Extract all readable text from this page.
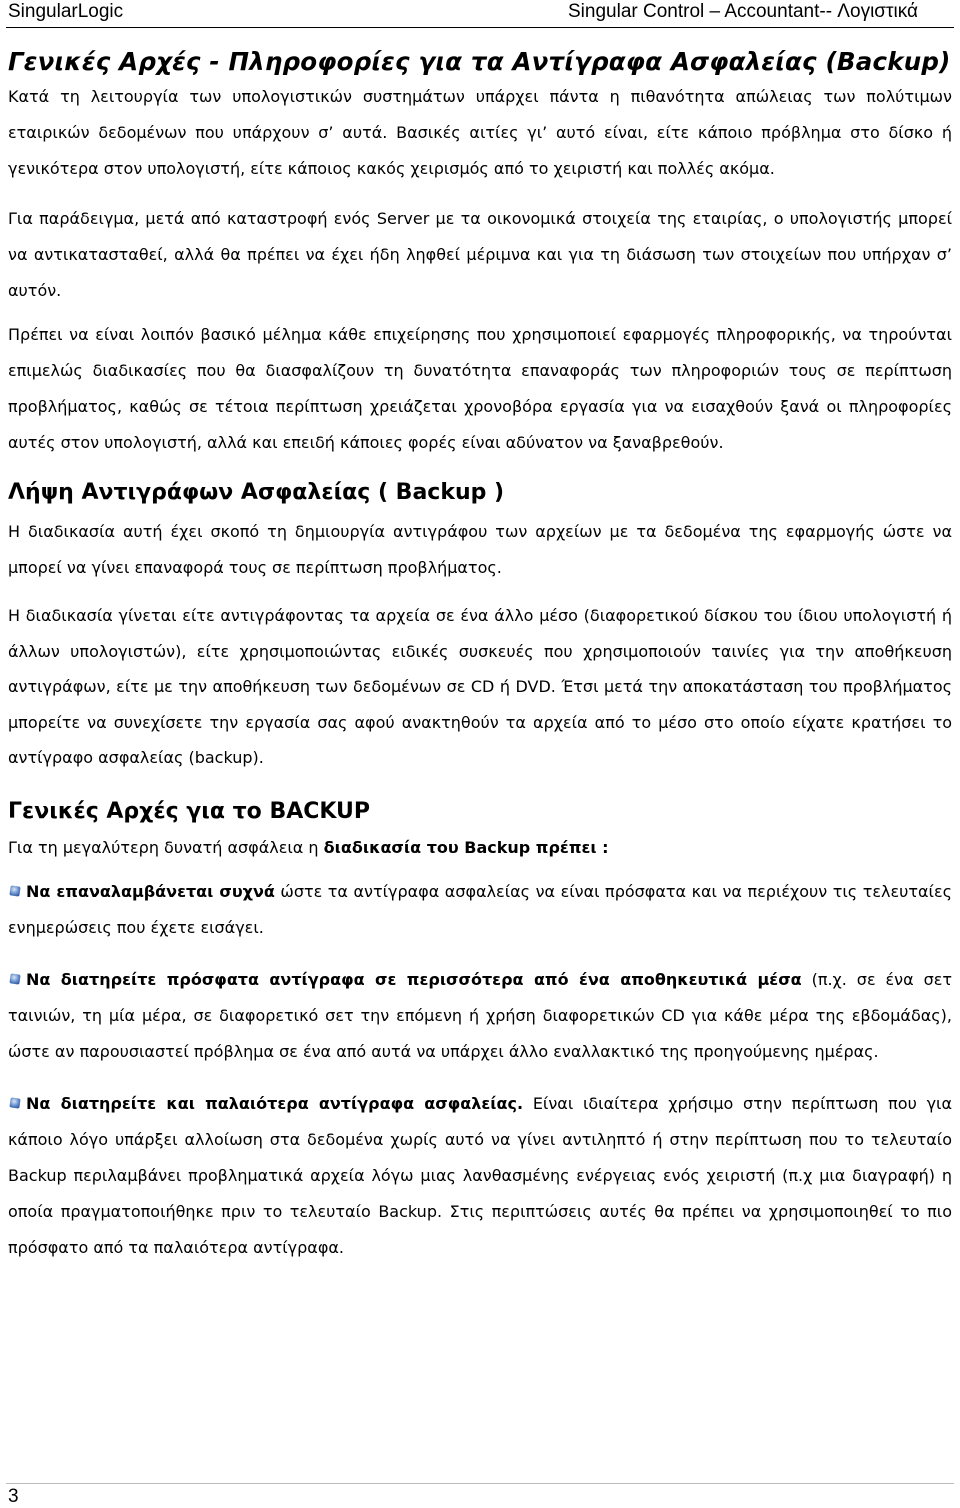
SingularLogic	Singular Control – Accountant-- Λογιστικά
Γενικές Αρχές - Πληροφορίες για τα Αντίγραφα Ασφαλείας (Backup)

Κατά τη λειτουργία των υπολογιστικών συστημάτων υπάρχει πάντα η πιθανότητα απώλειας των πολύτιμων εταιρικών δεδομένων που υπάρχουν σ’ αυτά. Βασικές αιτίες γι’ αυτό είναι, είτε κάποιο πρόβλημα στο δίσκο ή γενικότερα στον υπολογιστή, είτε κάποιος κακός χειρισμός από το χειριστή και πολλές ακόμα.

Για παράδειγμα, μετά από καταστροφή ενός Server με τα οικονομικά στοιχεία της εταιρίας, ο υπολογιστής μπορεί να αντικατασταθεί, αλλά θα πρέπει να έχει ήδη ληφθεί μέριμνα και για τη διάσωση των στοιχείων που υπήρχαν σ’ αυτόν.

Πρέπει να είναι λοιπόν βασικό μέλημα κάθε επιχείρησης που χρησιμοποιεί εφαρμογές πληροφορικής, να τηρούνται επιμελώς διαδικασίες που θα διασφαλίζουν τη δυνατότητα επαναφοράς των πληροφοριών τους σε περίπτωση προβλήματος, καθώς σε τέτοια περίπτωση χρειάζεται χρονοβόρα εργασία για να εισαχθούν ξανά οι πληροφορίες αυτές στον υπολογιστή, αλλά και επειδή κάποιες φορές είναι αδύνατον να ξαναβρεθούν.

Λήψη Αντιγράφων Ασφαλείας ( Backup )

Η διαδικασία αυτή έχει σκοπό τη δημιουργία αντιγράφου των αρχείων με τα δεδομένα της εφαρμογής ώστε να μπορεί να γίνει επαναφορά τους σε περίπτωση προβλήματος.

Η διαδικασία γίνεται είτε αντιγράφοντας τα αρχεία σε ένα άλλο μέσο (διαφορετικού δίσκου του ίδιου υπολογιστή ή άλλων υπολογιστών), είτε χρησιμοποιώντας ειδικές συσκευές που χρησιμοποιούν ταινίες για την αποθήκευση αντιγράφων, είτε με την αποθήκευση των δεδομένων σε CD ή DVD. Έτσι μετά την αποκατάσταση του προβλήματος μπορείτε να συνεχίσετε την εργασία σας αφού ανακτηθούν τα αρχεία από το μέσο στο οποίο είχατε κρατήσει το αντίγραφο ασφαλείας (backup).

Γενικές Αρχές για το BACKUP

Για τη μεγαλύτερη δυνατή ασφάλεια η διαδικασία του Backup πρέπει :

Να επαναλαμβάνεται συχνά ώστε τα αντίγραφα ασφαλείας να είναι πρόσφατα και να περιέχουν τις τελευταίες ενημερώσεις που έχετε εισάγει.

Να διατηρείτε πρόσφατα αντίγραφα σε περισσότερα από ένα αποθηκευτικά μέσα (π.χ. σε ένα σετ ταινιών, τη μία μέρα, σε διαφορετικό σετ την επόμενη ή χρήση διαφορετικών CD για κάθε μέρα της εβδομάδας), ώστε αν παρουσιαστεί πρόβλημα σε ένα από αυτά να υπάρχει άλλο εναλλακτικό της προηγούμενης ημέρας.

Να διατηρείτε και παλαιότερα αντίγραφα ασφαλείας. Είναι ιδιαίτερα χρήσιμο στην περίπτωση που για κάποιο λόγο υπάρξει αλλοίωση στα δεδομένα χωρίς αυτό να γίνει αντιληπτό ή στην περίπτωση που το τελευταίο Backup περιλαμβάνει προβληματικά αρχεία λόγω μιας λανθασμένης ενέργειας ενός χειριστή (π.χ μια διαγραφή) η οποία πραγματοποιήθηκε πριν το τελευταίο Backup. Στις περιπτώσεις αυτές θα πρέπει να χρησιμοποιηθεί το πιο πρόσφατο από τα παλαιότερα αντίγραφα.

3
